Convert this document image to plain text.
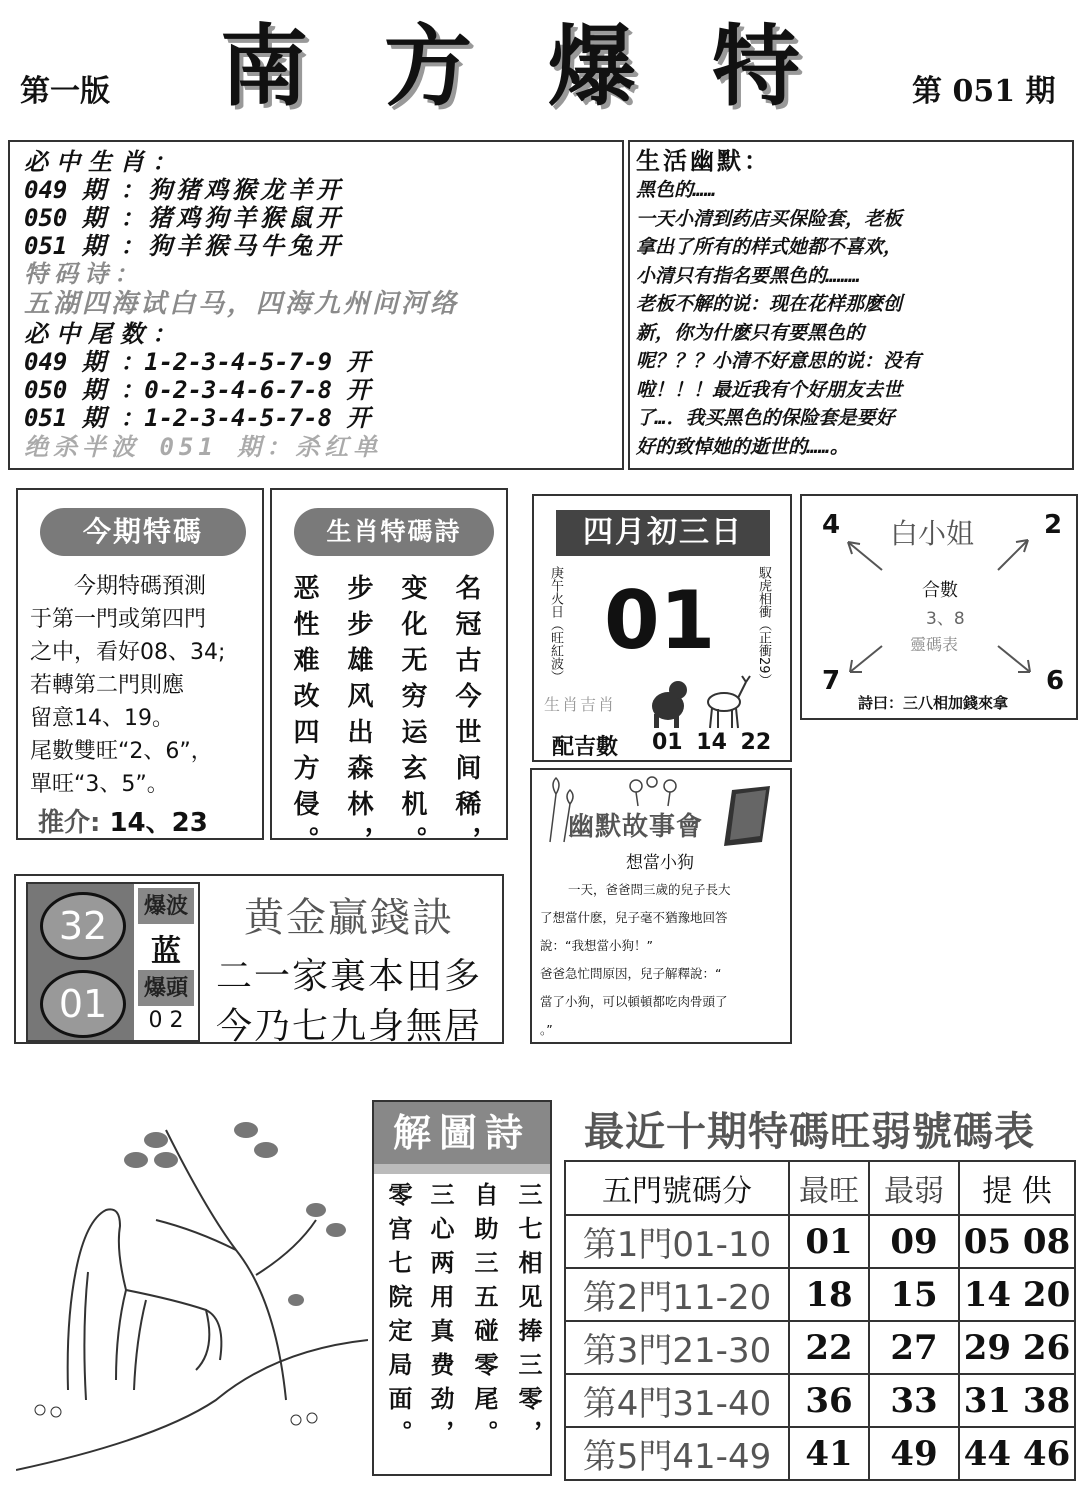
第一版 南 方 爆 特	第 051 期
必中生肖：
049 期 ：狗猪鸡猴龙羊开
050 期 ：猪鸡狗羊猴鼠开
051 期 ：狗羊猴马牛兔开
特码诗：
五湖四海试白马，四海九州问河络
必中尾数：
049 期 ：1-2-3-4-5-7-9 开
050 期 ：0-2-3-4-6-7-8 开
051 期 ：1-2-3-4-5-7-8 开
绝杀半波 051 期：杀红单
生活幽默：
黑色的……
一天小清到药店买保险套，老板
拿出了所有的样式她都不喜欢，
小清只有指名要黑色的………
老板不解的说：现在花样那麽创
新，你为什麽只有要黑色的
呢？？？小清不好意思的说：没有
啦！！！最近我有个好朋友去世
了…．我买黑色的保险套是要好
好的致悼她的逝世的……。
今期特碼
今期特碼預測
于第一門或第四門
之中，看好08、34;
若轉第二門則應
留意14、19。
尾數雙旺“2、6”，
單旺“3、5”。
推介: 14、23
生肖特碼詩
恶性难改四方侵。 步步雄风出森林， 变化无穷运玄机。 名冠古今世间稀，
四月初三日
庚午火日（旺紅波）	馭虎相衝（正衝29）
01
生肖吉肖
配吉數 01 14 22
白小姐
4	2
7	6
合數
3、8
靈碼表
詩曰：三八相加錢來拿
32
01
爆波
蓝
爆頭
0 2
黄金贏錢訣
二一家裏本田多
今乃七九身無居
幽默故事會
想當小狗
一天，爸爸問三歲的兒子長大
了想當什麽，兒子毫不猶豫地回答
說：“我想當小狗！”
爸爸急忙問原因，兒子解釋說：“
當了小狗，可以頓頓都吃肉骨頭了
。”
解圖詩
零宫七院定局面。 三心两用真费劲， 自助三五碰零尾。 三七相见捧三零，
最近十期特碼旺弱號碼表
五門號碼分	最旺	最弱	提 供
第1門01-10	01	09	05 08
第2門11-20	18	15	14 20
第3門21-30	22	27	29 26
第4門31-40	36	33	31 38
第5門41-49	41	49	44 46
